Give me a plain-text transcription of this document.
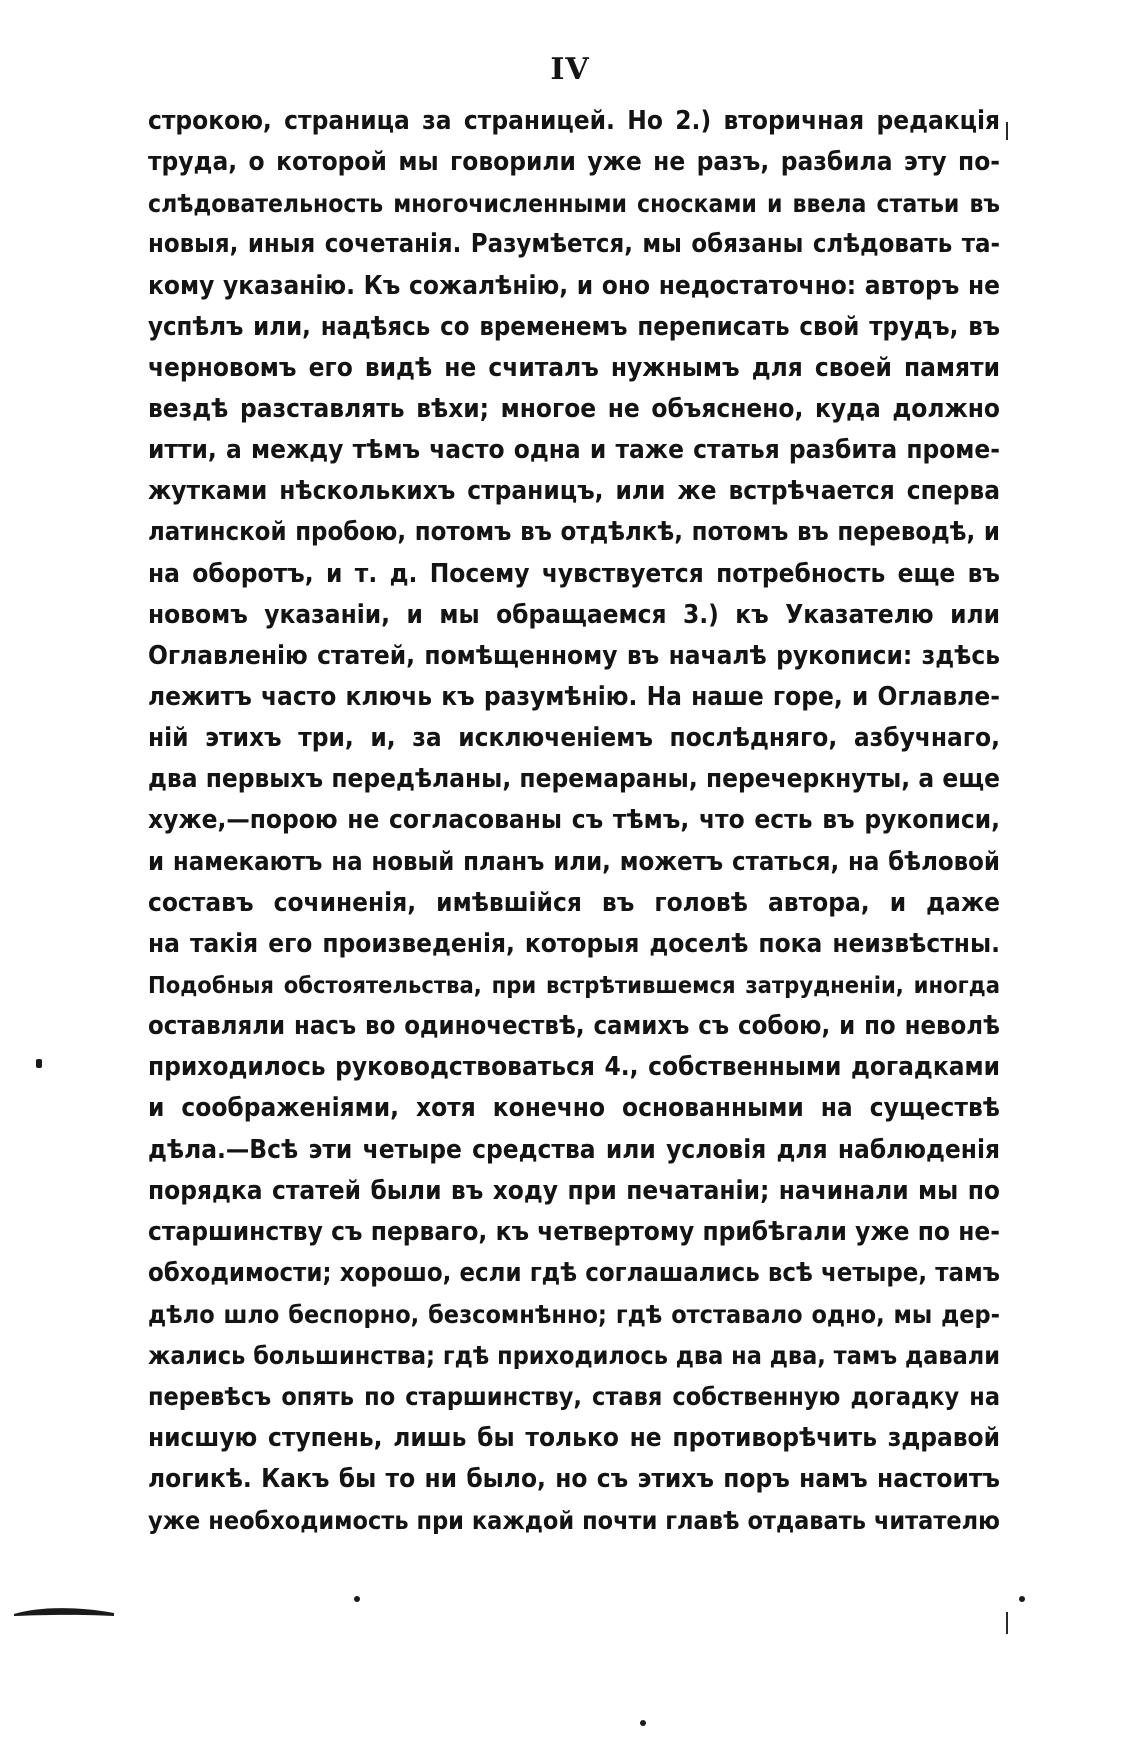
IV
строкою, страница за страницей. Но 2.) вторичная редакція
труда, о которой мы говорили уже не разъ, разбила эту по-
слѣдовательность многочисленными сносками и ввела статьи въ
новыя, иныя сочетанія. Разумѣется, мы обязаны слѣдовать та-
кому указанію. Къ сожалѣнію, и оно недостаточно: авторъ не
успѣлъ или, надѣясь со временемъ переписать свой трудъ, въ
черновомъ его видѣ не считалъ нужнымъ для своей памяти
вездѣ разставлять вѣхи; многое не объяснено, куда должно
итти, а между тѣмъ часто одна и таже статья разбита проме-
жутками нѣсколькихъ страницъ, или же встрѣчается сперва
латинской пробою, потомъ въ отдѣлкѣ, потомъ въ переводѣ, и
на оборотъ, и т. д. Посему чувствуется потребность еще въ
новомъ указаніи, и мы обращаемся 3.) къ Указателю или
Оглавленію статей, помѣщенному въ началѣ рукописи: здѣсь
лежитъ часто ключь къ разумѣнію. На наше горе, и Оглавле-
ній этихъ три, и, за исключеніемъ послѣдняго, азбучнаго,
два первыхъ передѣланы, перемараны, перечеркнуты, а еще
хуже,—порою не согласованы съ тѣмъ, что есть въ рукописи,
и намекаютъ на новый планъ или, можетъ статься, на бѣловой
составъ сочиненія, имѣвшійся въ головѣ автора, и даже
на такія его произведенія, которыя доселѣ пока неизвѣстны.
Подобныя обстоятельства, при встрѣтившемся затрудненіи, иногда
оставляли насъ во одиночествѣ, самихъ съ собою, и по неволѣ
приходилось руководствоваться 4., собственными догадками
и соображеніями, хотя конечно основанными на существѣ
дѣла.—Всѣ эти четыре средства или условія для наблюденія
порядка статей были въ ходу при печатаніи; начинали мы по
старшинству съ перваго, къ четвертому прибѣгали уже по не-
обходимости; хорошо, если гдѣ соглашались всѣ четыре, тамъ
дѣло шло беспорно, безсомнѣнно; гдѣ отставало одно, мы дер-
жались большинства; гдѣ приходилось два на два, тамъ давали
перевѣсъ опять по старшинству, ставя собственную догадку на
нисшую ступень, лишь бы только не противорѣчить здравой
логикѣ. Какъ бы то ни было, но съ этихъ поръ намъ настоитъ
уже необходимость при каждой почти главѣ отдавать читателю
